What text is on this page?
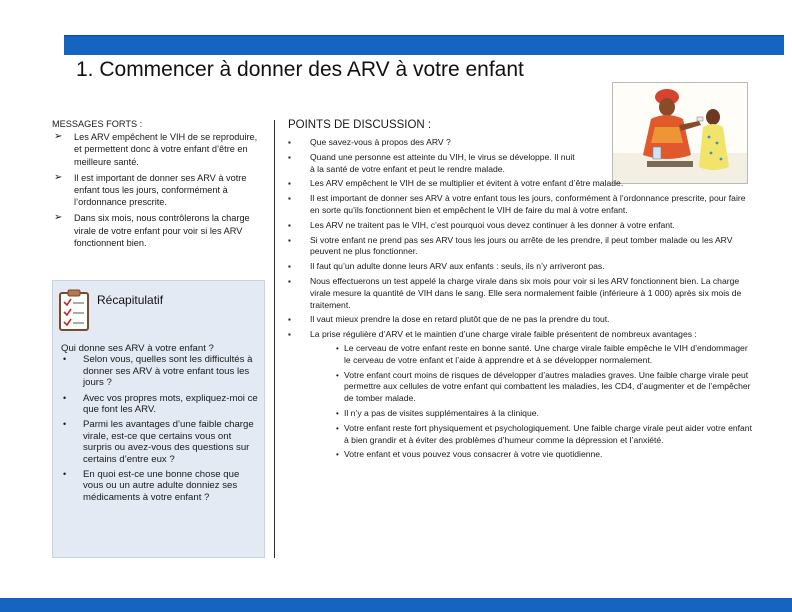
1. Commencer à donner des ARV à votre enfant
MESSAGES FORTS :
➢ Les ARV empêchent le VIH de se reproduire, et permettent donc à votre enfant d’être en meilleure santé.
➢ Il est important de donner ses ARV à votre enfant tous les jours, conformément à l’ordonnance prescrite.
➢ Dans six mois, nous contrôlerons la charge virale de votre enfant pour voir si les ARV fonctionnent bien.
Récapitulatif
Qui donne ses ARV à votre enfant ?
• Selon vous, quelles sont les difficultés à donner ses ARV à votre enfant tous les jours ?
• Avec vos propres mots, expliquez-moi ce que font les ARV.
• Parmi les avantages d’une faible charge virale, est-ce que certains vous ont surpris ou avez-vous des questions sur certains d’entre eux ?
• En quoi est-ce une bonne chose que vous ou un autre adulte donniez ses médicaments à votre enfant ?
POINTS DE DISCUSSION :
▪ Que savez-vous à propos des ARV ?
▪ Quand une personne est atteinte du VIH, le virus se développe. Il nuit à la santé de votre enfant et peut le rendre malade.
▪ Les ARV empêchent le VIH de se multiplier et évitent à votre enfant d’être malade.
▪ Il est important de donner ses ARV à votre enfant tous les jours, conformément à l’ordonnance prescrite, pour faire en sorte qu’ils fonctionnent bien et empêchent le VIH de faire du mal à votre enfant.
▪ Les ARV ne traitent pas le VIH, c’est pourquoi vous devez continuer à les donner à votre enfant.
▪ Si votre enfant ne prend pas ses ARV tous les jours ou arrête de les prendre, il peut tomber malade ou les ARV peuvent ne plus fonctionner.
▪ Il faut qu’un adulte donne leurs ARV aux enfants : seuls, ils n’y arriveront pas.
▪ Nous effectuerons un test appelé la charge virale dans six mois pour voir si les ARV fonctionnent bien. La charge virale mesure la quantité de VIH dans le sang. Elle sera normalement faible (inférieure à 1 000) après six mois de traitement.
▪ Il vaut mieux prendre la dose en retard plutôt que de ne pas la prendre du tout.
▪ La prise régulière d’ARV et le maintien d’une charge virale faible présentent de nombreux avantages :
• Le cerveau de votre enfant reste en bonne santé. Une charge virale faible empêche le VIH d’endommager le cerveau de votre enfant et l’aide à apprendre et à se développer normalement.
• Votre enfant court moins de risques de développer d’autres maladies graves. Une faible charge virale peut permettre aux cellules de votre enfant qui combattent les maladies, les CD4, d’augmenter et de l’empêcher de tomber malade.
• Il n’y a pas de visites supplémentaires à la clinique.
• Votre enfant reste fort physiquement et psychologiquement. Une faible charge virale peut aider votre enfant à bien grandir et à éviter des problèmes d’humeur comme la dépression et l’anxiété.
• Votre enfant et vous pouvez vous consacrer à votre vie quotidienne.
